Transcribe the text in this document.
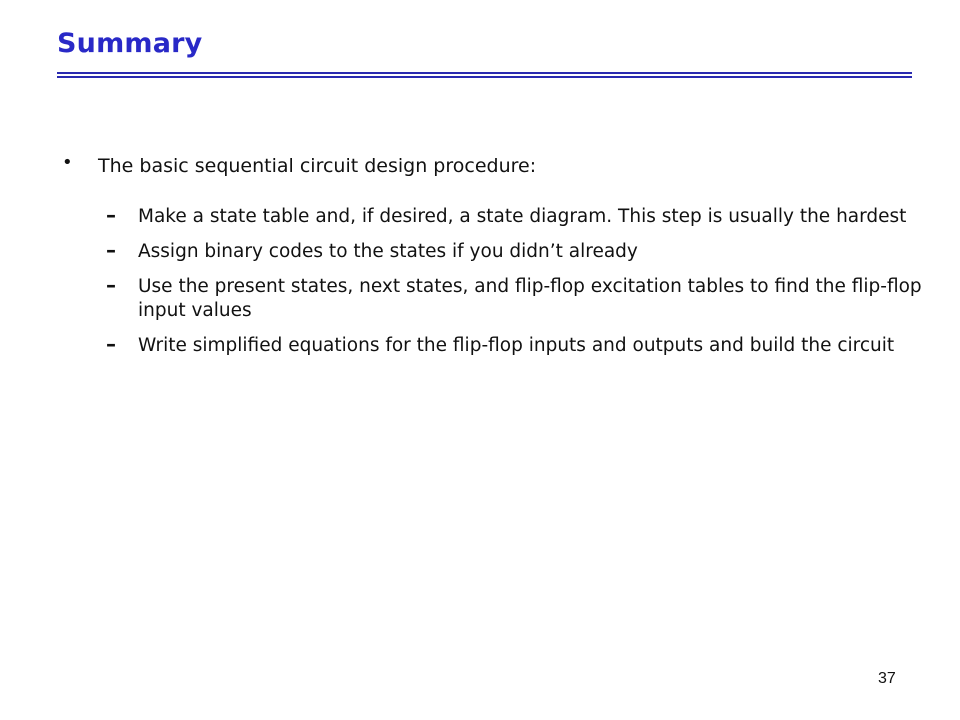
Summary
• The basic sequential circuit design procedure:
– Make a state table and, if desired, a state diagram. This step is usually the hardest
– Assign binary codes to the states if you didn’t already
– Use the present states, next states, and flip-flop excitation tables to find the flip-flop input values
– Write simplified equations for the flip-flop inputs and outputs and build the circuit
37
